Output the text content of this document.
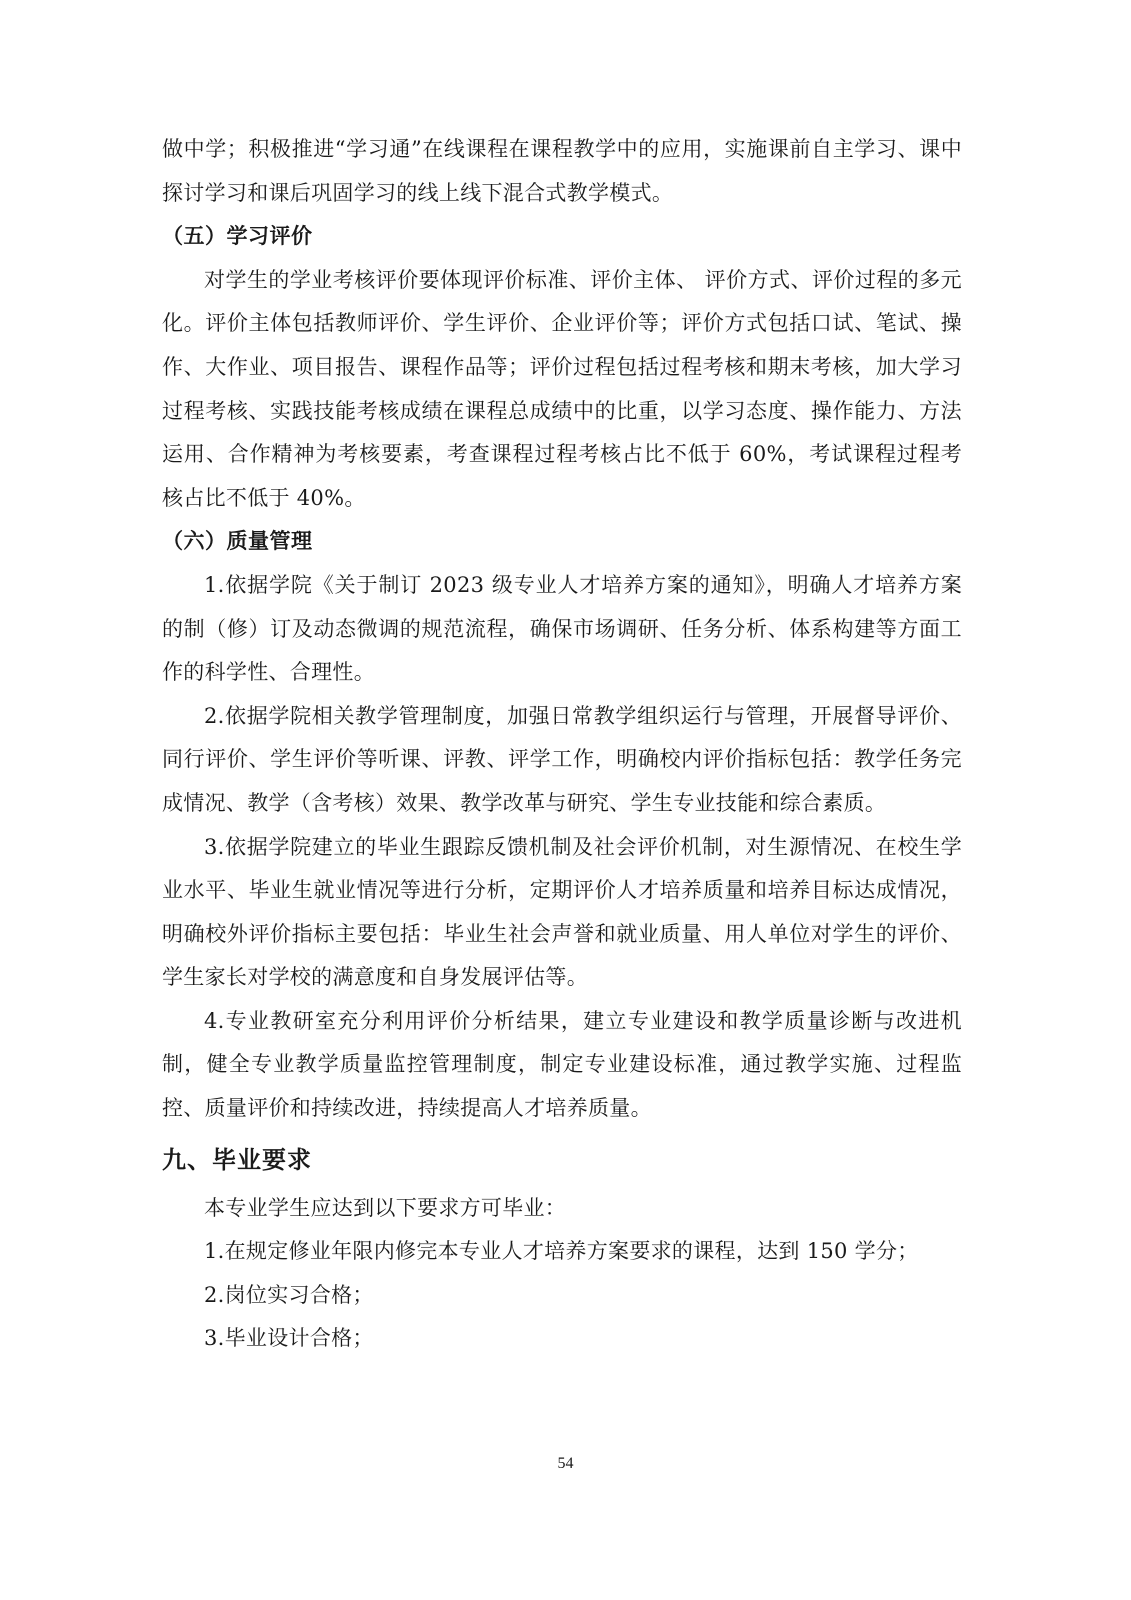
做中学；积极推进“学习通”在线课程在课程教学中的应用，实施课前自主学习、课中探讨学习和课后巩固学习的线上线下混合式教学模式。

（五）学习评价

对学生的学业考核评价要体现评价标准、评价主体、 评价方式、评价过程的多元化。评价主体包括教师评价、学生评价、企业评价等；评价方式包括口试、笔试、操作、大作业、项目报告、课程作品等；评价过程包括过程考核和期末考核，加大学习过程考核、实践技能考核成绩在课程总成绩中的比重，以学习态度、操作能力、方法运用、合作精神为考核要素，考查课程过程考核占比不低于 60%，考试课程过程考核占比不低于 40%。

（六）质量管理

1.依据学院《关于制订 2023 级专业人才培养方案的通知》，明确人才培养方案的制（修）订及动态微调的规范流程，确保市场调研、任务分析、体系构建等方面工作的科学性、合理性。

2.依据学院相关教学管理制度，加强日常教学组织运行与管理，开展督导评价、同行评价、学生评价等听课、评教、评学工作，明确校内评价指标包括：教学任务完成情况、教学（含考核）效果、教学改革与研究、学生专业技能和综合素质。

3.依据学院建立的毕业生跟踪反馈机制及社会评价机制，对生源情况、在校生学业水平、毕业生就业情况等进行分析，定期评价人才培养质量和培养目标达成情况，明确校外评价指标主要包括：毕业生社会声誉和就业质量、用人单位对学生的评价、学生家长对学校的满意度和自身发展评估等。

4.专业教研室充分利用评价分析结果，建立专业建设和教学质量诊断与改进机制，健全专业教学质量监控管理制度，制定专业建设标准，通过教学实施、过程监控、质量评价和持续改进，持续提高人才培养质量。

九、毕业要求

本专业学生应达到以下要求方可毕业：

1.在规定修业年限内修完本专业人才培养方案要求的课程，达到 150 学分；

2.岗位实习合格；

3.毕业设计合格；

54
